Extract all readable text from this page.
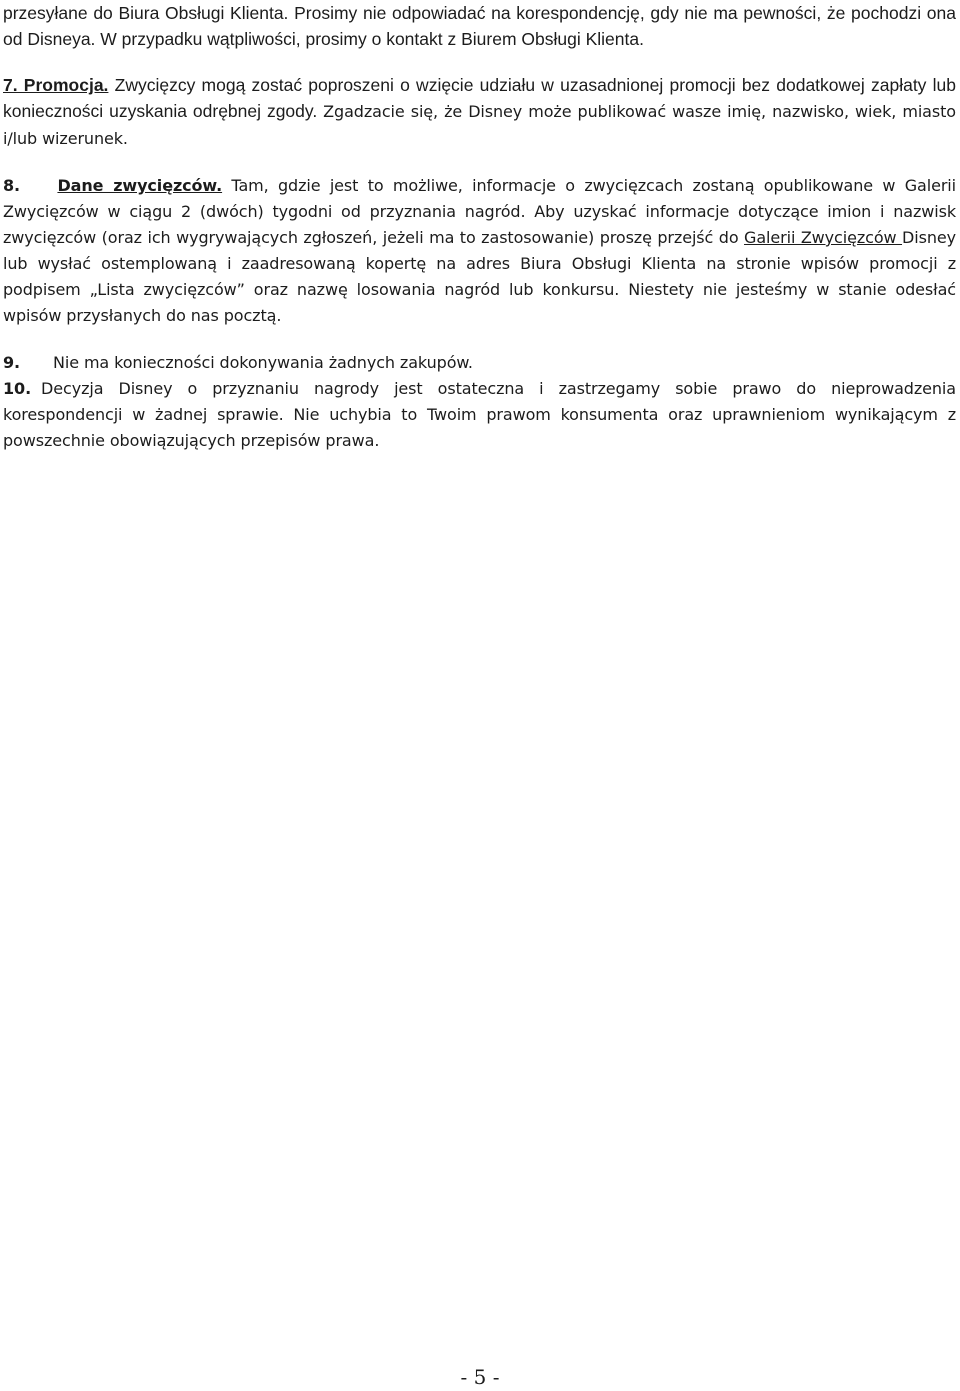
przesyłane do Biura Obsługi Klienta. Prosimy nie odpowiadać na korespondencję, gdy nie ma pewności, że pochodzi ona od Disneya. W przypadku wątpliwości, prosimy o kontakt z Biurem Obsługi Klienta.

7. Promocja. Zwycięzcy mogą zostać poproszeni o wzięcie udziału w uzasadnionej promocji bez dodatkowej zapłaty lub konieczności uzyskania odrębnej zgody. Zgadzacie się, że Disney może publikować wasze imię, nazwisko, wiek, miasto i/lub wizerunek.

8. Dane zwycięzców. Tam, gdzie jest to możliwe, informacje o zwycięzcach zostaną opublikowane w Galerii Zwycięzców w ciągu 2 (dwóch) tygodni od przyznania nagród. Aby uzyskać informacje dotyczące imion i nazwisk zwycięzców (oraz ich wygrywających zgłoszeń, jeżeli ma to zastosowanie) proszę przejść do Galerii Zwycięzców Disney lub wysłać ostemplowaną i zaadresowaną kopertę na adres Biura Obsługi Klienta na stronie wpisów promocji z podpisem „Lista zwycięzców” oraz nazwę losowania nagród lub konkursu. Niestety nie jesteśmy w stanie odesłać wpisów przysłanych do nas pocztą.

9. Nie ma konieczności dokonywania żadnych zakupów.

10. Decyzja Disney o przyznaniu nagrody jest ostateczna i zastrzegamy sobie prawo do nieprowadzenia korespondencji w żadnej sprawie. Nie uchybia to Twoim prawom konsumenta oraz uprawnieniom wynikającym z powszechnie obowiązujących przepisów prawa.

- 5 -
